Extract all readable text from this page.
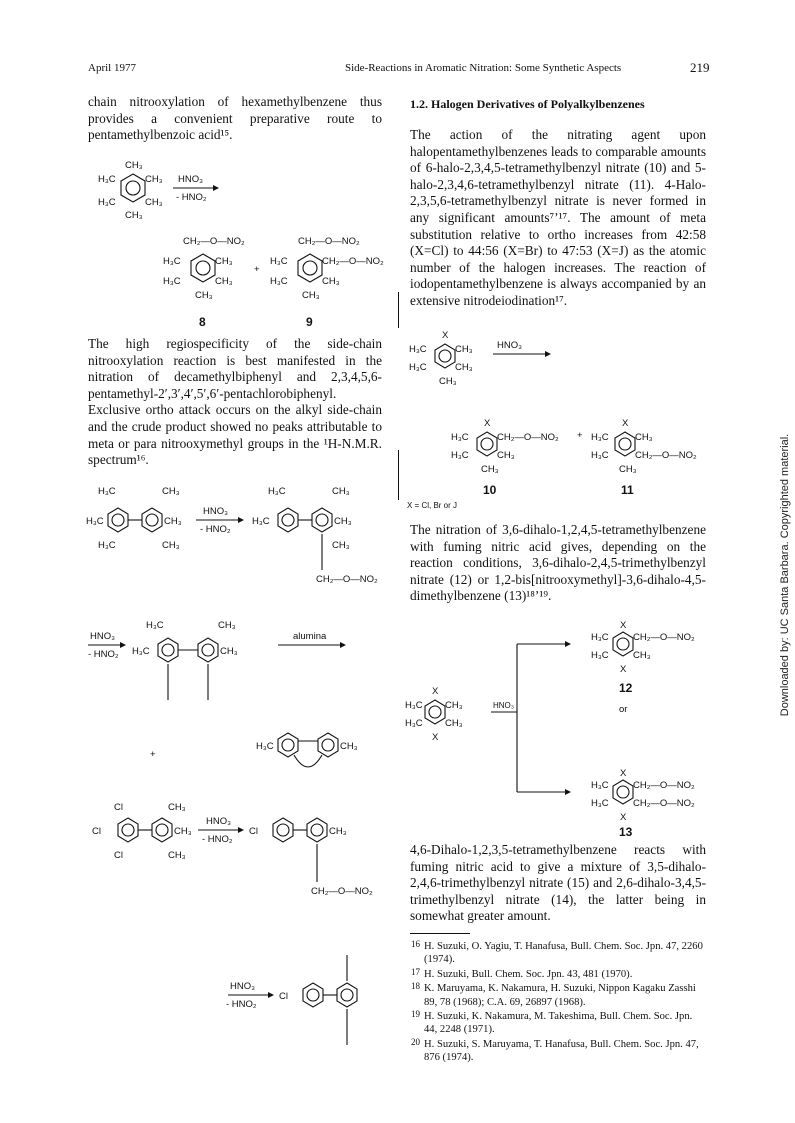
April 1977	Side-Reactions in Aromatic Nitration: Some Synthetic Aspects	219
chain nitrooxylation of hexamethylbenzene thus provides a convenient preparative route to pentamethylbenzoic acid¹⁵.
CH₃
H₃C	CH₃
H₃C	CH₃
CH₃
HNO₃
- HNO₂
CH₂—O—NO₂
H₃C	CH₃
H₃C	CH₃
CH₃
8
+
CH₂—O—NO₂
H₃C	CH₂—O—NO₂
H₃C	CH₃
CH₃
9
The high regiospecificity of the side-chain nitrooxylation reaction is best manifested in the nitration of decamethylbiphenyl and 2,3,4,5,6-pentamethyl-2′,3′,4′,5′,6′-pentachlorobiphenyl. Exclusive ortho attack occurs on the alkyl side-chain and the crude product showed no peaks attributable to meta or para nitrooxymethyl groups in the ¹H-N.M.R. spectrum¹⁶.
H₃C	CH₃
H₃C	CH₃
H₃C	CH₃
HNO₃
- HNO₂
H₃C	CH₃
H₃C	CH₃
CH₃
CH₂—O—NO₂
HNO₃
- HNO₂
H₃C	CH₃
H₃C	CH₃
alumina
+
H₃C	CH₃
Cl
Cl
Cl
CH₃
CH₃
CH₃
HNO₃
- HNO₂
Cl	CH₃
CH₂—O—NO₂
HNO₃
- HNO₂
Cl
1.2. Halogen Derivatives of Polyalkylbenzenes
The action of the nitrating agent upon halopentamethylbenzenes leads to comparable amounts of 6-halo-2,3,4,5-tetramethylbenzyl nitrate (10) and 5-halo-2,3,4,6-tetramethylbenzyl nitrate (11). 4-Halo-2,3,5,6-tetramethylbenzyl nitrate is never formed in any significant amounts⁷ʼ¹⁷. The amount of meta substitution relative to ortho increases from 42:58 (X=Cl) to 44:56 (X=Br) to 47:53 (X=J) as the atomic number of the halogen increases. The reaction of iodopentamethylbenzene is always accompanied by an extensive nitrodeiodination¹⁷.
X
H₃C	CH₃
H₃C	CH₃
CH₃
HNO₃
X
H₃C	CH₂—O—NO₂
H₃C	CH₃
CH₃
10
+
X
H₃C	CH₃
H₃C	CH₂—O—NO₂
CH₃
11
X = Cl, Br or J
The nitration of 3,6-dihalo-1,2,4,5-tetramethylbenzene with fuming nitric acid gives, depending on the reaction conditions, 3,6-dihalo-2,4,5-trimethylbenzyl nitrate (12) or 1,2-bis[nitrooxymethyl]-3,6-dihalo-4,5-dimethylbenzene (13)¹⁸ʼ¹⁹.
X
H₃C CH₃
H₃C CH₃
X
HNO₃
X
H₃C	CH₂—O—NO₂
H₃C	CH₃
X
12
or
X
H₃C	CH₂—O—NO₂
H₃C	CH₂—O—NO₂
X
13
4,6-Dihalo-1,2,3,5-tetramethylbenzene reacts with fuming nitric acid to give a mixture of 3,5-dihalo-2,4,6-trimethylbenzyl nitrate (15) and 2,6-dihalo-3,4,5-trimethylbenzyl nitrate (14), the latter being in somewhat greater amount.
16 H. Suzuki, O. Yagiu, T. Hanafusa, Bull. Chem. Soc. Jpn. 47, 2260 (1974).
17 H. Suzuki, Bull. Chem. Soc. Jpn. 43, 481 (1970).
18 K. Maruyama, K. Nakamura, H. Suzuki, Nippon Kagaku Zasshi 89, 78 (1968); C.A. 69, 26897 (1968).
19 H. Suzuki, K. Nakamura, M. Takeshima, Bull. Chem. Soc. Jpn. 44, 2248 (1971).
20 H. Suzuki, S. Maruyama, T. Hanafusa, Bull. Chem. Soc. Jpn. 47, 876 (1974).
Downloaded by: UC Santa Barbara. Copyrighted material.
